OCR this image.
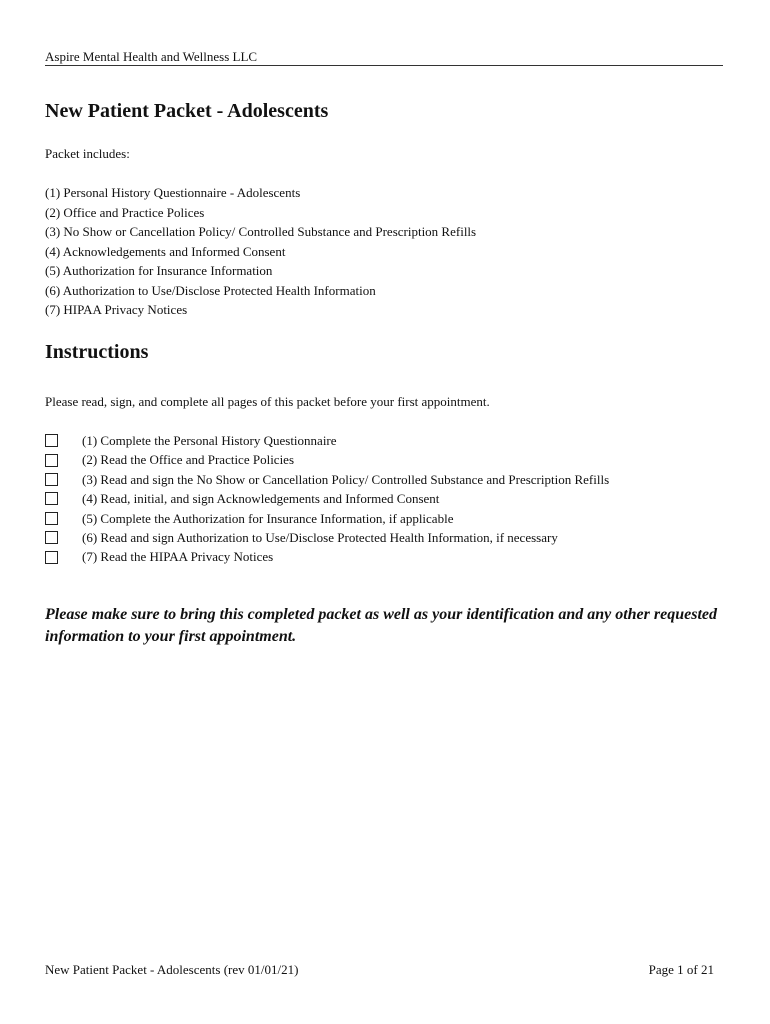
Aspire Mental Health and Wellness LLC
New Patient Packet - Adolescents
Packet includes:
(1) Personal History Questionnaire - Adolescents
(2) Office and Practice Polices
(3) No Show or Cancellation Policy/ Controlled Substance and Prescription Refills
(4) Acknowledgements and Informed Consent
(5) Authorization for Insurance Information
(6) Authorization to Use/Disclose Protected Health Information
(7) HIPAA Privacy Notices
Instructions
Please read, sign, and complete all pages of this packet before your first appointment.
(1) Complete the Personal History Questionnaire
(2) Read the Office and Practice Policies
(3) Read and sign the No Show or Cancellation Policy/ Controlled Substance and Prescription Refills
(4) Read, initial, and sign Acknowledgements and Informed Consent
(5) Complete the Authorization for Insurance Information, if applicable
(6) Read and sign Authorization to Use/Disclose Protected Health Information, if necessary
(7) Read the HIPAA Privacy Notices
Please make sure to bring this completed packet as well as your identification and any other requested information to your first appointment.
New Patient Packet - Adolescents (rev 01/01/21)	Page 1 of 21
